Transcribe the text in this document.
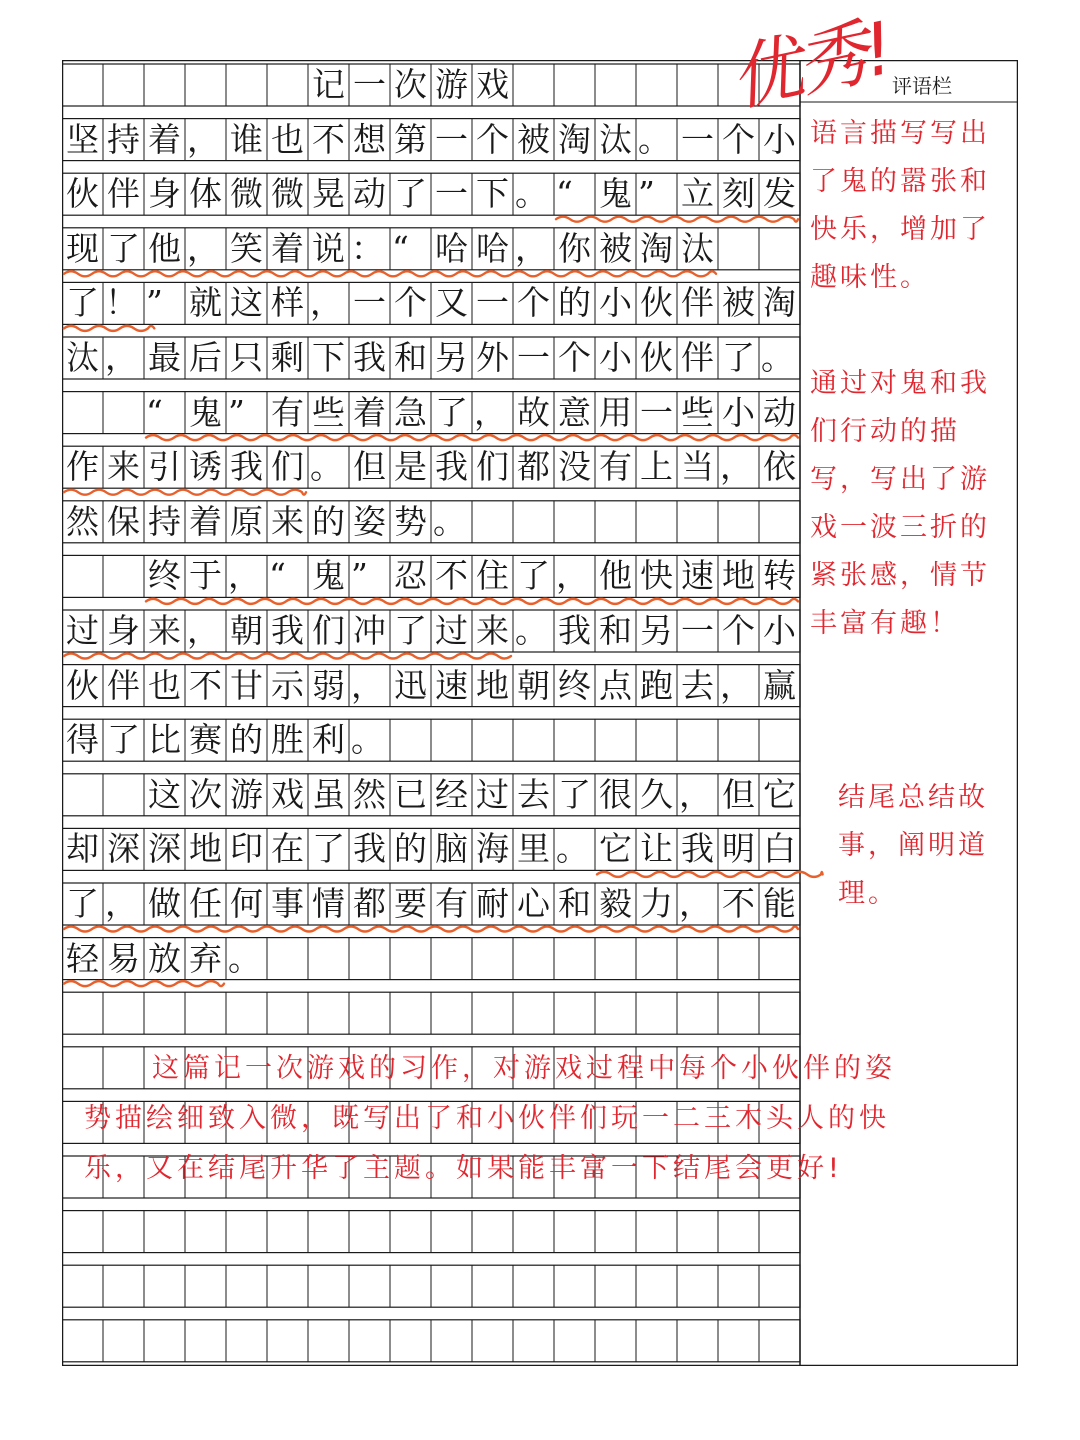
记 一 次 游 戏
坚 持 着 ， 谁 也 不 想 第 一 个 被 淘 汰 。 一 个 小
伙 伴 身 体 微 微 晃 动 了 一 下 。 “ 鬼 ” 立 刻 发
现 了 他 ， 笑 着 说 ： “ 哈 哈 ， 你 被 淘 汰
了 ！ ” 就 这 样 ， 一 个 又 一 个 的 小 伙 伴 被 淘
汰 ， 最 后 只 剩 下 我 和 另 外 一 个 小 伙 伴 了 。
“ 鬼 ” 有 些 着 急 了 ， 故 意 用 一 些 小 动
作 来 引 诱 我 们 。 但 是 我 们 都 没 有 上 当 ， 依
然 保 持 着 原 来 的 姿 势 。
终 于 ， “ 鬼 ” 忍 不 住 了 ， 他 快 速 地 转
过 身 来 ， 朝 我 们 冲 了 过 来 。 我 和 另 一 个 小
伙 伴 也 不 甘 示 弱 ， 迅 速 地 朝 终 点 跑 去 ， 赢
得 了 比 赛 的 胜 利 。
这 次 游 戏 虽 然 已 经 过 去 了 很 久 ， 但 它
却 深 深 地 印 在 了 我 的 脑 海 里 。 它 让 我 明 白
了 ， 做 任 何 事 情 都 要 有 耐 心 和 毅 力 ， 不 能
轻 易 放 弃 。
优秀!
评语栏
语言描写写出了鬼的嚣张和快乐，增加了趣味性。
通过对鬼和我们行动的描写，写出了游戏一波三折的紧张感，情节丰富有趣！
结尾总结故事，阐明道理。
这篇记一次游戏的习作，对游戏过程中每个小伙伴的姿
势描绘细致入微，既写出了和小伙伴们玩一二三木头人的快
乐，又在结尾升华了主题。如果能丰富一下结尾会更好!
